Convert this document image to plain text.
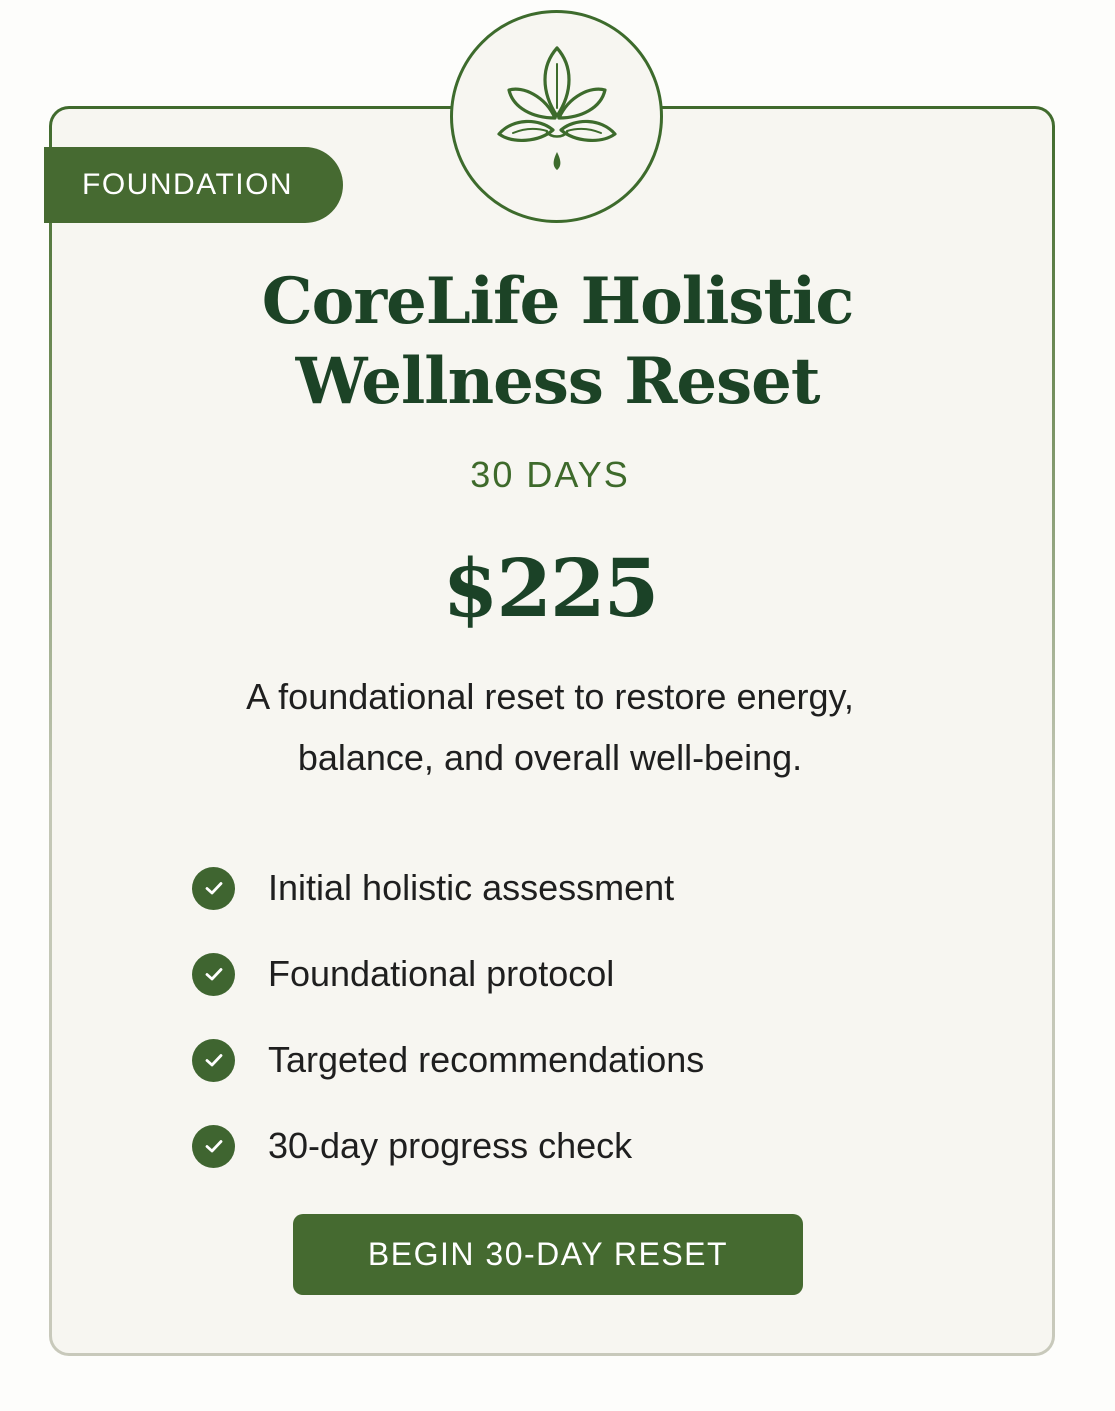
FOUNDATION
CoreLife Holistic Wellness Reset
30 DAYS
$225
A foundational reset to restore energy, balance, and overall well-being.
Initial holistic assessment
Foundational protocol
Targeted recommendations
30-day progress check
BEGIN 30-DAY RESET
